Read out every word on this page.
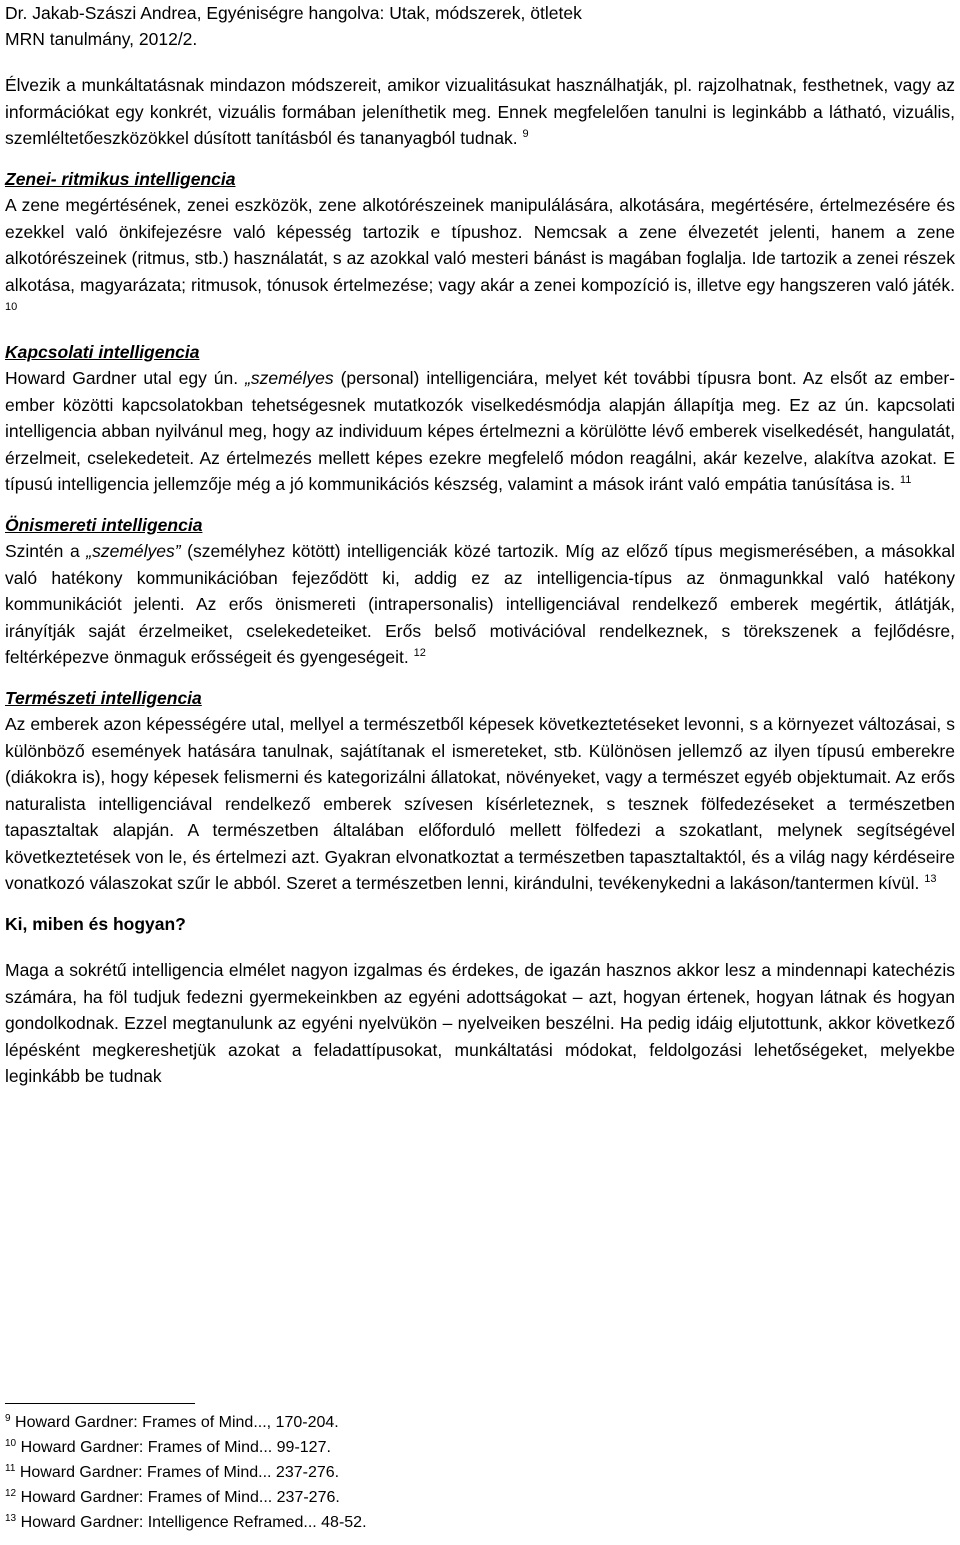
Dr. Jakab-Szászi Andrea, Egyéniségre hangolva: Utak, módszerek, ötletek
MRN tanulmány, 2012/2.

Élvezik a munkáltatásnak mindazon módszereit, amikor vizualitásukat használhatják, pl. rajzolhatnak, festhetnek, vagy az információkat egy konkrét, vizuális formában jeleníthetik meg. Ennek megfelelően tanulni is leginkább a látható, vizuális, szemléltetőeszközökkel dúsított tanításból és tananyagból tudnak. $^9$

Zenei- ritmikus intelligencia

A zene megértésének, zenei eszközök, zene alkotórészeinek manipulálására, alkotására, megértésére, értelmezésére és ezekkel való önkifejezésre való képesség tartozik e típushoz. Nemcsak a zene élvezetét jelenti, hanem a zene alkotórészeinek (ritmus, stb.) használatát, s az azokkal való mesteri bánást is magában foglalja. Ide tartozik a zenei részek alkotása, magyarázata; ritmusok, tónusok értelmezése; vagy akár a zenei kompozíció is, illetve egy hangszeren való játék. $^{10}$

Kapcsolati intelligencia

Howard Gardner utal egy ún. „személyes (personal) intelligenciára, melyet két további típusra bont. Az elsőt az ember-ember közötti kapcsolatokban tehetségesnek mutatkozók viselkedésmódja alapján állapítja meg. Ez az ún. kapcsolati intelligencia abban nyilvánul meg, hogy az individuum képes értelmezni a körülötte lévő emberek viselkedését, hangulatát, érzelmeit, cselekedeteit. Az értelmezés mellett képes ezekre megfelelő módon reagálni, akár kezelve, alakítva azokat. E típusú intelligencia jellemzője még a jó kommunikációs készség, valamint a mások iránt való empátia tanúsítása is. $^{11}$

Önismereti intelligencia

Szintén a „személyes” (személyhez kötött) intelligenciák közé tartozik. Míg az előző típus megismerésében, a másokkal való hatékony kommunikációban fejeződött ki, addig ez az intelligencia-típus az önmagunkkal való hatékony kommunikációt jelenti. Az erős önismereti (intrapersonalis) intelligenciával rendelkező emberek megértik, átlátják, irányítják saját érzelmeiket, cselekedeteiket. Erős belső motivációval rendelkeznek, s törekszenek a fejlődésre, feltérképezve önmaguk erősségeit és gyengeségeit. $^{12}$

Természeti intelligencia

Az emberek azon képességére utal, mellyel a természetből képesek következtetéseket levonni, s a környezet változásai, s különböző események hatására tanulnak, sajátítanak el ismereteket, stb. Különösen jellemző az ilyen típusú emberekre (diákokra is), hogy képesek felismerni és kategorizálni állatokat, növényeket, vagy a természet egyéb objektumait. Az erős naturalista intelligenciával rendelkező emberek szívesen kísérleteznek, s tesznek fölfedezéseket a természetben tapasztaltak alapján. A természetben általában előforduló mellett fölfedezi a szokatlant, melynek segítségével következtetések von le, és értelmezi azt. Gyakran elvonatkoztat a természetben tapasztaltaktól, és a világ nagy kérdéseire vonatkozó válaszokat szűr le abból. Szeret a természetben lenni, kirándulni, tevékenykedni a lakáson/tantermen kívül. $^{13}$

Ki, miben és hogyan?

Maga a sokrétű intelligencia elmélet nagyon izgalmas és érdekes, de igazán hasznos akkor lesz a mindennapi katechézis számára, ha föl tudjuk fedezni gyermekeinkben az egyéni adottságokat – azt, hogyan értenek, hogyan látnak és hogyan gondolkodnak. Ezzel megtanulunk az egyéni nyelvükön – nyelveiken beszélni. Ha pedig idáig eljutottunk, akkor következő lépésként megkereshetjük azokat a feladattípusokat, munkáltatási módokat, feldolgozási lehetőségeket, melyekbe leginkább be tudnak

$^9$ Howard Gardner: Frames of Mind..., 170-204.
$^{10}$ Howard Gardner: Frames of Mind... 99-127.
$^{11}$ Howard Gardner: Frames of Mind... 237-276.
$^{12}$ Howard Gardner: Frames of Mind... 237-276.
$^{13}$ Howard Gardner: Intelligence Reframed... 48-52.
